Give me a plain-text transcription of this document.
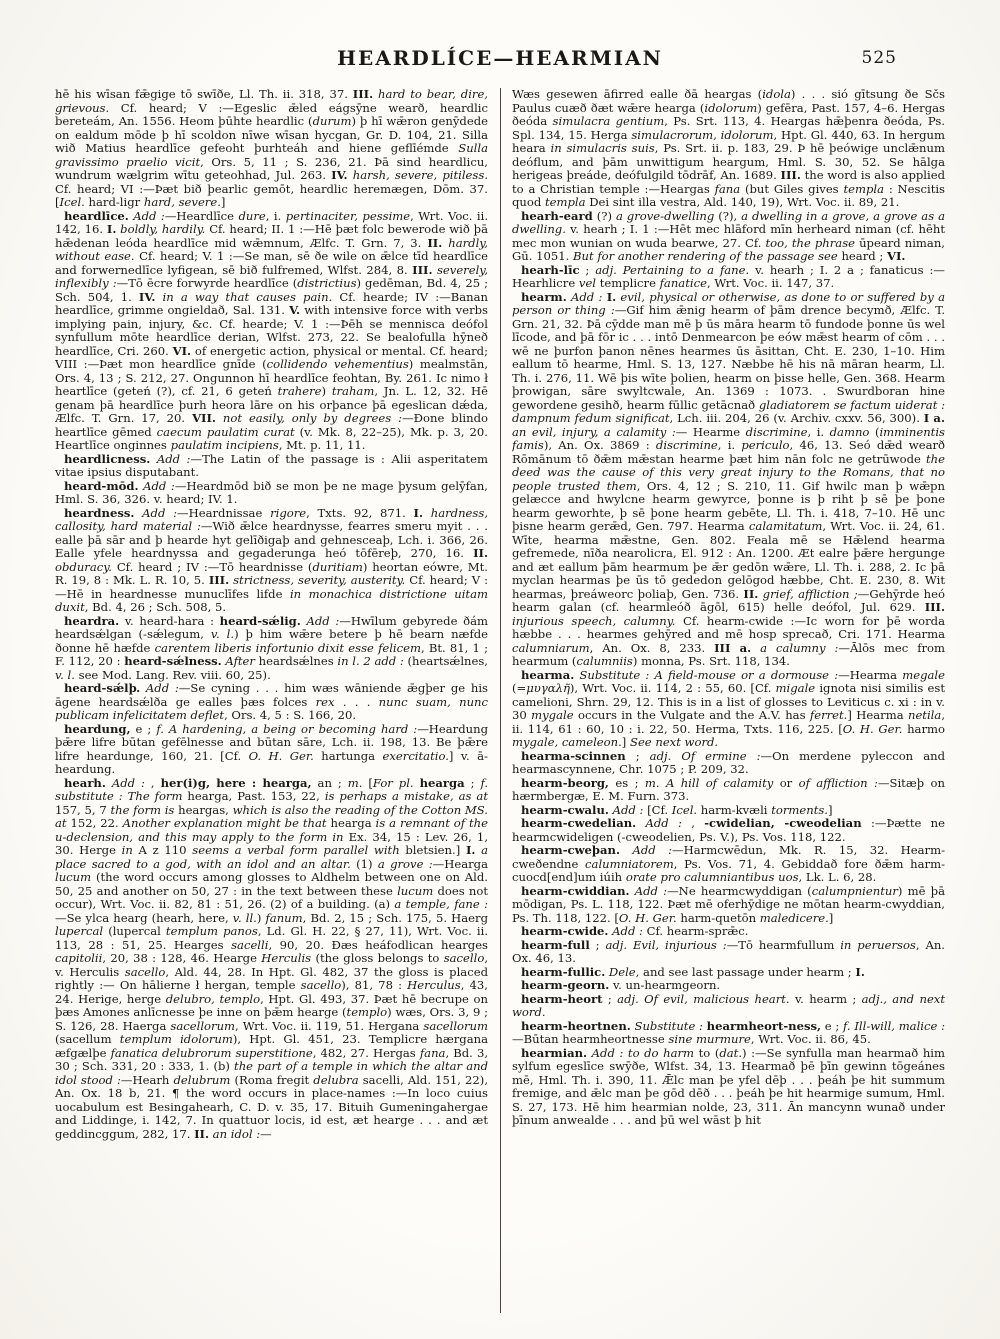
HEARDLÍCE—HEARMIAN	525

hē his wīsan fǣgige tō swīðe, Ll. Th. ii. 318, 37. III. hard to bear, dire, grievous. Cf. heard; V :—Egeslic ǣled eágsȳne wearð, heardlic bereteám, An. 1556. Heom þūhte heardlic (durum) þ hī wǣron genȳdede on ealdum mōde þ hī scoldon nīwe wīsan hycgan, Gr. D. 104, 21. Silla wið Matius heardlīce gefeoht þurhteáh and hiene geflīémde Sulla gravissimo praelio vicit, Ors. 5, 11 ; S. 236, 21. Þā sind heardlicu, wundrum wælgrim wītu geteohhad, Jul. 263. IV. harsh, severe, pitiless. Cf. heard; VI :—Þæt bið þearlic gemōt, heardlic heremægen, Dōm. 37. [Icel. hard-ligr hard, severe.]

heardlīce. Add :—Heardlīce dure, i. pertinaciter, pessime, Wrt. Voc. ii. 142, 16. I. boldly, hardily. Cf. heard; II. 1 :—Hē þæt folc bewerode wið þā hǣdenan leóda heardlīce mid wǣmnum, Ælfc. T. Grn. 7, 3. II. hardly, without ease. Cf. heard; V. 1 :—Se man, sē ðe wile on ǣlce tīd heardlīce and forwernedlīce lyfigean, sē bið fulfremed, Wlfst. 284, 8. III. severely, inflexibly :—Tō ēcre forwyrde heardlīce (districtius) gedēman, Bd. 4, 25 ; Sch. 504, 1. IV. in a way that causes pain. Cf. hearde; IV :—Banan heardlīce, grimme ongieldað, Sal. 131. V. with intensive force with verbs implying pain, injury, &c. Cf. hearde; V. 1 :—Þēh se mennisca deófol synfullum mōte heardlīce derian, Wlfst. 273, 22. Se bealofulla hȳneð heardlīce, Cri. 260. VI. of energetic action, physical or mental. Cf. heard; VIII :—Þæt mon heardlīce gnīde (collidendo vehementius) mealmstān, Ors. 4, 13 ; S. 212, 27. Ongunnon hī heardlīce feohtan, By. 261. Ic nimo ł heartlīce (geteń (?), cf. 21, 6 geteń trahere) traham, Jn. L. 12, 32. Hē genam þā heardlīce þurh heora lāre on his orþance þā egeslican dǽda, Ælfc. T. Grn. 17, 20. VII. not easily, only by degrees :—Ðone blindo heartlīce gēmed caecum paulatim curat (v. Mk. 8, 22–25), Mk. p. 3, 20. Heartlīce onginnes paulatim incipiens, Mt. p. 11, 11.

heardlicness. Add :—The Latin of the passage is : Alii asperitatem vitae ipsius disputabant.

heard-mōd. Add :—Heardmōd bið se mon þe ne mage þysum gelȳfan, Hml. S. 36, 326. v. heard; IV. 1.

heardness. Add :—Heardnissae rigore, Txts. 92, 871. I. hardness, callosity, hard material :—Wið ǣlce heardnysse, fearres smeru myit . . . ealle þā sār and þ hearde hyt gelīðigaþ and gehnesceaþ, Lch. i. 366, 26. Ealle yfele heardnyssa and gegaderunga heó tōfēreþ, 270, 16. II. obduracy. Cf. heard ; IV :—Tō heardnisse (duritiam) heortan eówre, Mt. R. 19, 8 : Mk. L. R. 10, 5. III. strictness, severity, austerity. Cf. heard; V :—Hē in heardnesse munuclīfes lifde in monachica districtione uitam duxit, Bd. 4, 26 ; Sch. 508, 5.

heardra. v. heard-hara : heard-sǽlig. Add :—Hwīlum gebyrede ðám heardsǽlgan (-sǽlegum, v. l.) þ him wǣre betere þ hē bearn næfde ðonne hē hæfde carentem liberis infortunio dixit esse felicem, Bt. 81, 1 ; F. 112, 20 : heard-sǽlness. After heardsǽlnes in l. 2 add : (heartsǽlnes, v. l. see Mod. Lang. Rev. viii. 60, 25).

heard-sǽlþ. Add :—Se cyning . . . him wæs wāniende ǣgþer ge his āgene heardsǽlða ge ealles þæs folces rex . . . nunc suam, nunc publicam infelicitatem deflet, Ors. 4, 5 : S. 166, 20.

heardung, e ; f. A hardening, a being or becoming hard :—Heardung þǣre lifre būtan gefēlnesse and būtan sāre, Lch. ii. 198, 13. Be þǣre lifre heardunge, 160, 21. [Cf. O. H. Ger. hartunga exercitatio.] v. ā-heardung.

hearh. Add : , her(i)g, here : hearga, an ; m. [For pl. hearga ; f. substitute : The form hearga, Past. 153, 22, is perhaps a mistake, as at 157, 5, 7 the form is heargas, which is also the reading of the Cotton MS. at 152, 22. Another explanation might be that hearga is a remnant of the u-declension, and this may apply to the form in Ex. 34, 15 : Lev. 26, 1, 30. Herge in A z 110 seems a verbal form parallel with bletsien.] I. a place sacred to a god, with an idol and an altar. (1) a grove :—Hearga lucum (the word occurs among glosses to Aldhelm between one on Ald. 50, 25 and another on 50, 27 : in the text between these lucum does not occur), Wrt. Voc. ii. 82, 81 : 51, 26. (2) of a building. (a) a temple, fane :—Se ylca hearg (hearh, here, v. ll.) fanum, Bd. 2, 15 ; Sch. 175, 5. Haerg lupercal (lupercal templum panos, Ld. Gl. H. 22, § 27, 11), Wrt. Voc. ii. 113, 28 : 51, 25. Hearges sacelli, 90, 20. Ðæs heáfodlican hearges capitolii, 20, 38 : 128, 46. Hearge Herculis (the gloss belongs to sacello, v. Herculis sacello, Ald. 44, 28. In Hpt. Gl. 482, 37 the gloss is placed rightly :— On hālierne ł hergan, temple sacello), 81, 78 : Herculus, 43, 24. Herige, herge delubro, templo, Hpt. Gl. 493, 37. Þæt hē becrupe on þæs Amones anlīcnesse þe inne on þǣm hearge (templo) wæs, Ors. 3, 9 ; S. 126, 28. Haerga sacellorum, Wrt. Voc. ii. 119, 51. Hergana sacellorum (sacellum templum idolorum), Hpt. Gl. 451, 23. Templicre hærgana æfgælþe fanatica delubrorum superstitione, 482, 27. Hergas fana, Bd. 3, 30 ; Sch. 331, 20 : 333, 1. (b) the part of a temple in which the altar and idol stood :—Hearh delubrum (Roma fregit delubra sacelli, Ald. 151, 22), An. Ox. 18 b, 21. ¶ the word occurs in place-names :—In loco cuius uocabulum est Besingahearh, C. D. v. 35, 17. Bituih Gumeningahergae and Liddinge, i. 142, 7. In quattuor locis, id est, æt hearge . . . and æt geddincggum, 282, 17. II. an idol :—

Wæs gesewen āfirred ealle ðā heargas (idola) . . . sió gītsung ðe Sčs Paulus cuæð ðæt wǣre hearga (idolorum) gefēra, Past. 157, 4–6. Hergas ðeóda simulacra gentium, Ps. Srt. 113, 4. Heargas hǣþenra ðeóda, Ps. Spl. 134, 15. Herga simulacrorum, idolorum, Hpt. Gl. 440, 63. In hergum heara in simulacris suis, Ps. Srt. ii. p. 183, 29. Þ hē þeówige unclǣnum deóflum, and þām unwittigum heargum, Hml. S. 30, 52. Se hālga herigeas þreáde, deófulgild tōdrāf, An. 1689. III. the word is also applied to a Christian temple :—Heargas fana (but Giles gives templa : Nescitis quod templa Dei sint illa vestra, Ald. 140, 19), Wrt. Voc. ii. 89, 21.

hearh-eard (?) a grove-dwelling (?), a dwelling in a grove, a grove as a dwelling. v. hearh ; I. 1 :—Hēt mec hlāford mīn herheard niman (cf. hēht mec mon wunian on wuda bearwe, 27. Cf. too, the phrase ūpeard niman, Gū. 1051. But for another rendering of the passage see heard ; VI.

hearh-līc ; adj. Pertaining to a fane. v. hearh ; I. 2 a ; fanaticus :— Hearhlicre vel templicre fanatice, Wrt. Voc. ii. 147, 37.

hearm. Add : I. evil, physical or otherwise, as done to or suffered by a person or thing :—Gif him ǣnig hearm of þām drence becymð, Ælfc. T. Grn. 21, 32. Þā cȳdde man mē þ ūs māra hearm tō fundode þonne ūs wel līcode, and þā fōr ic . . . intō Denmearcon þe eów mǣst hearm of cōm . . . wē ne þurfon þanon nēnes hearmes ūs āsittan, Cht. E. 230, 1–10. Him eallum tō hearme, Hml. S. 13, 127. Næbbe hē his nā māran hearm, Ll. Th. i. 276, 11. Wē þis wīte þolien, hearm on þisse helle, Gen. 368. Hearm þrowigan, sāre swyltcwale, An. 1369 : 1073. . Swurdboran hine gewordene gesihð, hearm fūllic getācnað gladiatorem se factum uiderat : dampnum fedum significat, Lch. iii. 204, 26 (v. Archiv. cxxv. 56, 300). I a. an evil, injury, a calamity :— Hearme discrimine, i. damno (imminentis famis), An. Ox. 3869 : discrimine, i. periculo, 46, 13. Seó dǣd wearð Rōmānum tō ðǣm mǣstan hearme þæt him nān folc ne getrūwode the deed was the cause of this very great injury to the Romans, that no people trusted them, Ors. 4, 12 ; S. 210, 11. Gif hwilc man þ wǣpn gelæcce and hwylcne hearm gewyrce, þonne is þ riht þ sē þe þone hearm geworhte, þ sē þone hearm gebēte, Ll. Th. i. 418, 7–10. Hē unc þisne hearm gerǣd, Gen. 797. Hearma calamitatum, Wrt. Voc. ii. 24, 61. Wīte, hearma mǣstne, Gen. 802. Feala mē se Hǣlend hearma gefremede, nīða nearolicra, El. 912 : An. 1200. Æt ealre þǣre hergunge and æt eallum þām hearmum þe ǣr gedōn wǣre, Ll. Th. i. 288, 2. Ic þā myclan hearmas þe ūs tō gededon gelōgod hæbbe, Cht. E. 230, 8. Wit hearmas, þreáweorc þoliaþ, Gen. 736. II. grief, affliction ;—Gehȳrde heó hearm galan (cf. hearmleóð āgōl, 615) helle deófol, Jul. 629. III. injurious speech, calumny. Cf. hearm-cwide :—Ic worn for þē worda hæbbe . . . hearmes gehȳred and mē hosp sprecað, Cri. 171. Hearma calumniarum, An. Ox. 8, 233. III a. a calumny :—Ālōs mec from hearmum (calumniis) monna, Ps. Srt. 118, 134.

hearma. Substitute : A field-mouse or a dormouse :—Hearma megale (=μυγαλῆ), Wrt. Voc. ii. 114, 2 : 55, 60. [Cf. migale ignota nisi similis est camelioni, Shrn. 29, 12. This is in a list of glosses to Leviticus c. xi : in v. 30 mygale occurs in the Vulgate and the A.V. has ferret.] Hearma netila, ii. 114, 61 : 60, 10 : i. 22, 50. Herma, Txts. 116, 225. [O. H. Ger. harmo mygale, cameleon.] See next word.

hearma-scinnen ; adj. Of ermine :—On merdene pyleccon and hearmascynnene, Chr. 1075 ; P. 209, 32.

hearm-beorg, es ; m. A hill of calamity or of affliction :—Sitæþ on hærmbergæ, E. M. Furn. 373.

hearm-cwalu. Add : [Cf. Icel. harm-kvæli torments.]

hearm-cwedelian. Add : , -cwidelian, -cweodelian :—Þætte ne hearmcwideligen (-cweodelien, Ps. V.), Ps. Vos. 118, 122.

hearm-cweþan. Add :—Harmcwēdun, Mk. R. 15, 32. Hearm-cweðendne calumniatorem, Ps. Vos. 71, 4. Gebiddað fore ðǣm harm-cuocd[end]um iúih orate pro calumniantibus uos, Lk. L. 6, 28.

hearm-cwiddian. Add :—Ne hearmcwyddigan (calumpnientur) mē þā mōdigan, Ps. L. 118, 122. Þæt mē oferhȳdige ne mōtan hearm-cwyddian, Ps. Th. 118, 122. [O. H. Ger. harm-quetōn maledicere.]

hearm-cwide. Add : Cf. hearm-sprǣc.

hearm-full ; adj. Evil, injurious :—Tō hearmfullum in peruersos, An. Ox. 46, 13.

hearm-fullic. Dele, and see last passage under hearm ; I.

hearm-georn. v. un-hearmgeorn.

hearm-heort ; adj. Of evil, malicious heart. v. hearm ; adj., and next word.

hearm-heortnen. Substitute : hearmheort-ness, e ; f. Ill-will, malice :—Būtan hearmheortnesse sine murmure, Wrt. Voc. ii. 86, 45.

hearmian. Add : to do harm to (dat.) :—Se synfulla man hearmað him sylfum egeslīce swȳðe, Wlfst. 34, 13. Hearmað þē þīn gewinn tōgeánes mē, Hml. Th. i. 390, 11. Ǣlc man þe yfel dēþ . . . þeáh þe hit summum fremige, and ǣlc man þe gōd dēð . . . þeáh þe hit hearmige sumum, Hml. S. 27, 173. Hē him hearmian nolde, 23, 311. Ān mancynn wunað under þīnum anwealde . . . and þū wel wāst þ hit
